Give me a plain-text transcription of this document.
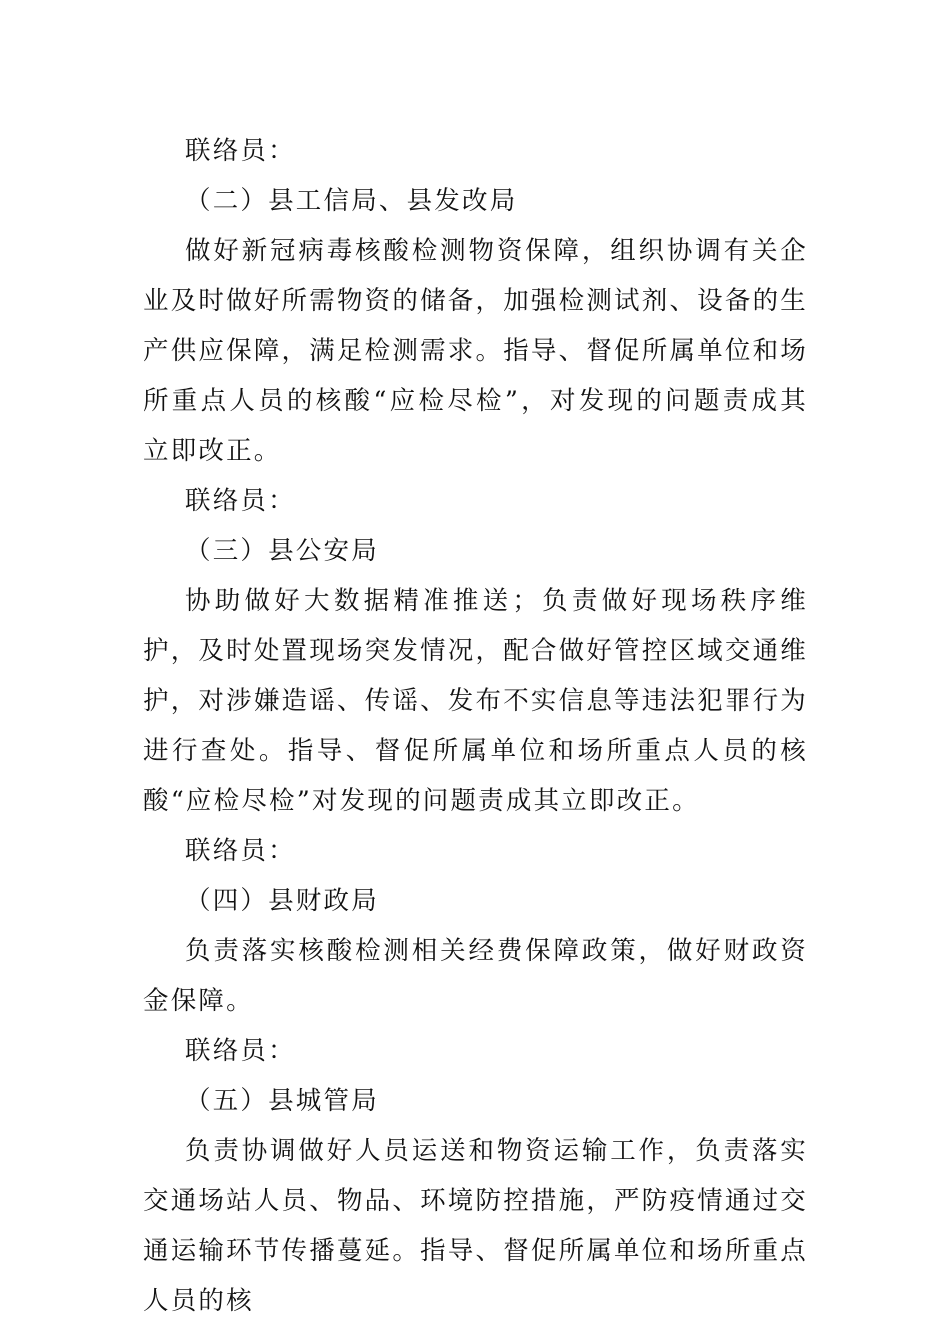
联络员：

（二）县工信局、县发改局

做好新冠病毒核酸检测物资保障，组织协调有关企业及时做好所需物资的储备，加强检测试剂、设备的生产供应保障，满足检测需求。指导、督促所属单位和场所重点人员的核酸“应检尽检”，对发现的问题责成其立即改正。

联络员：

（三）县公安局

协助做好大数据精准推送；负责做好现场秩序维护，及时处置现场突发情况，配合做好管控区域交通维护，对涉嫌造谣、传谣、发布不实信息等违法犯罪行为进行查处。指导、督促所属单位和场所重点人员的核酸“应检尽检”对发现的问题责成其立即改正。

联络员：

（四）县财政局

负责落实核酸检测相关经费保障政策，做好财政资金保障。

联络员：

（五）县城管局

负责协调做好人员运送和物资运输工作，负责落实交通场站人员、物品、环境防控措施，严防疫情通过交通运输环节传播蔓延。指导、督促所属单位和场所重点人员的核
